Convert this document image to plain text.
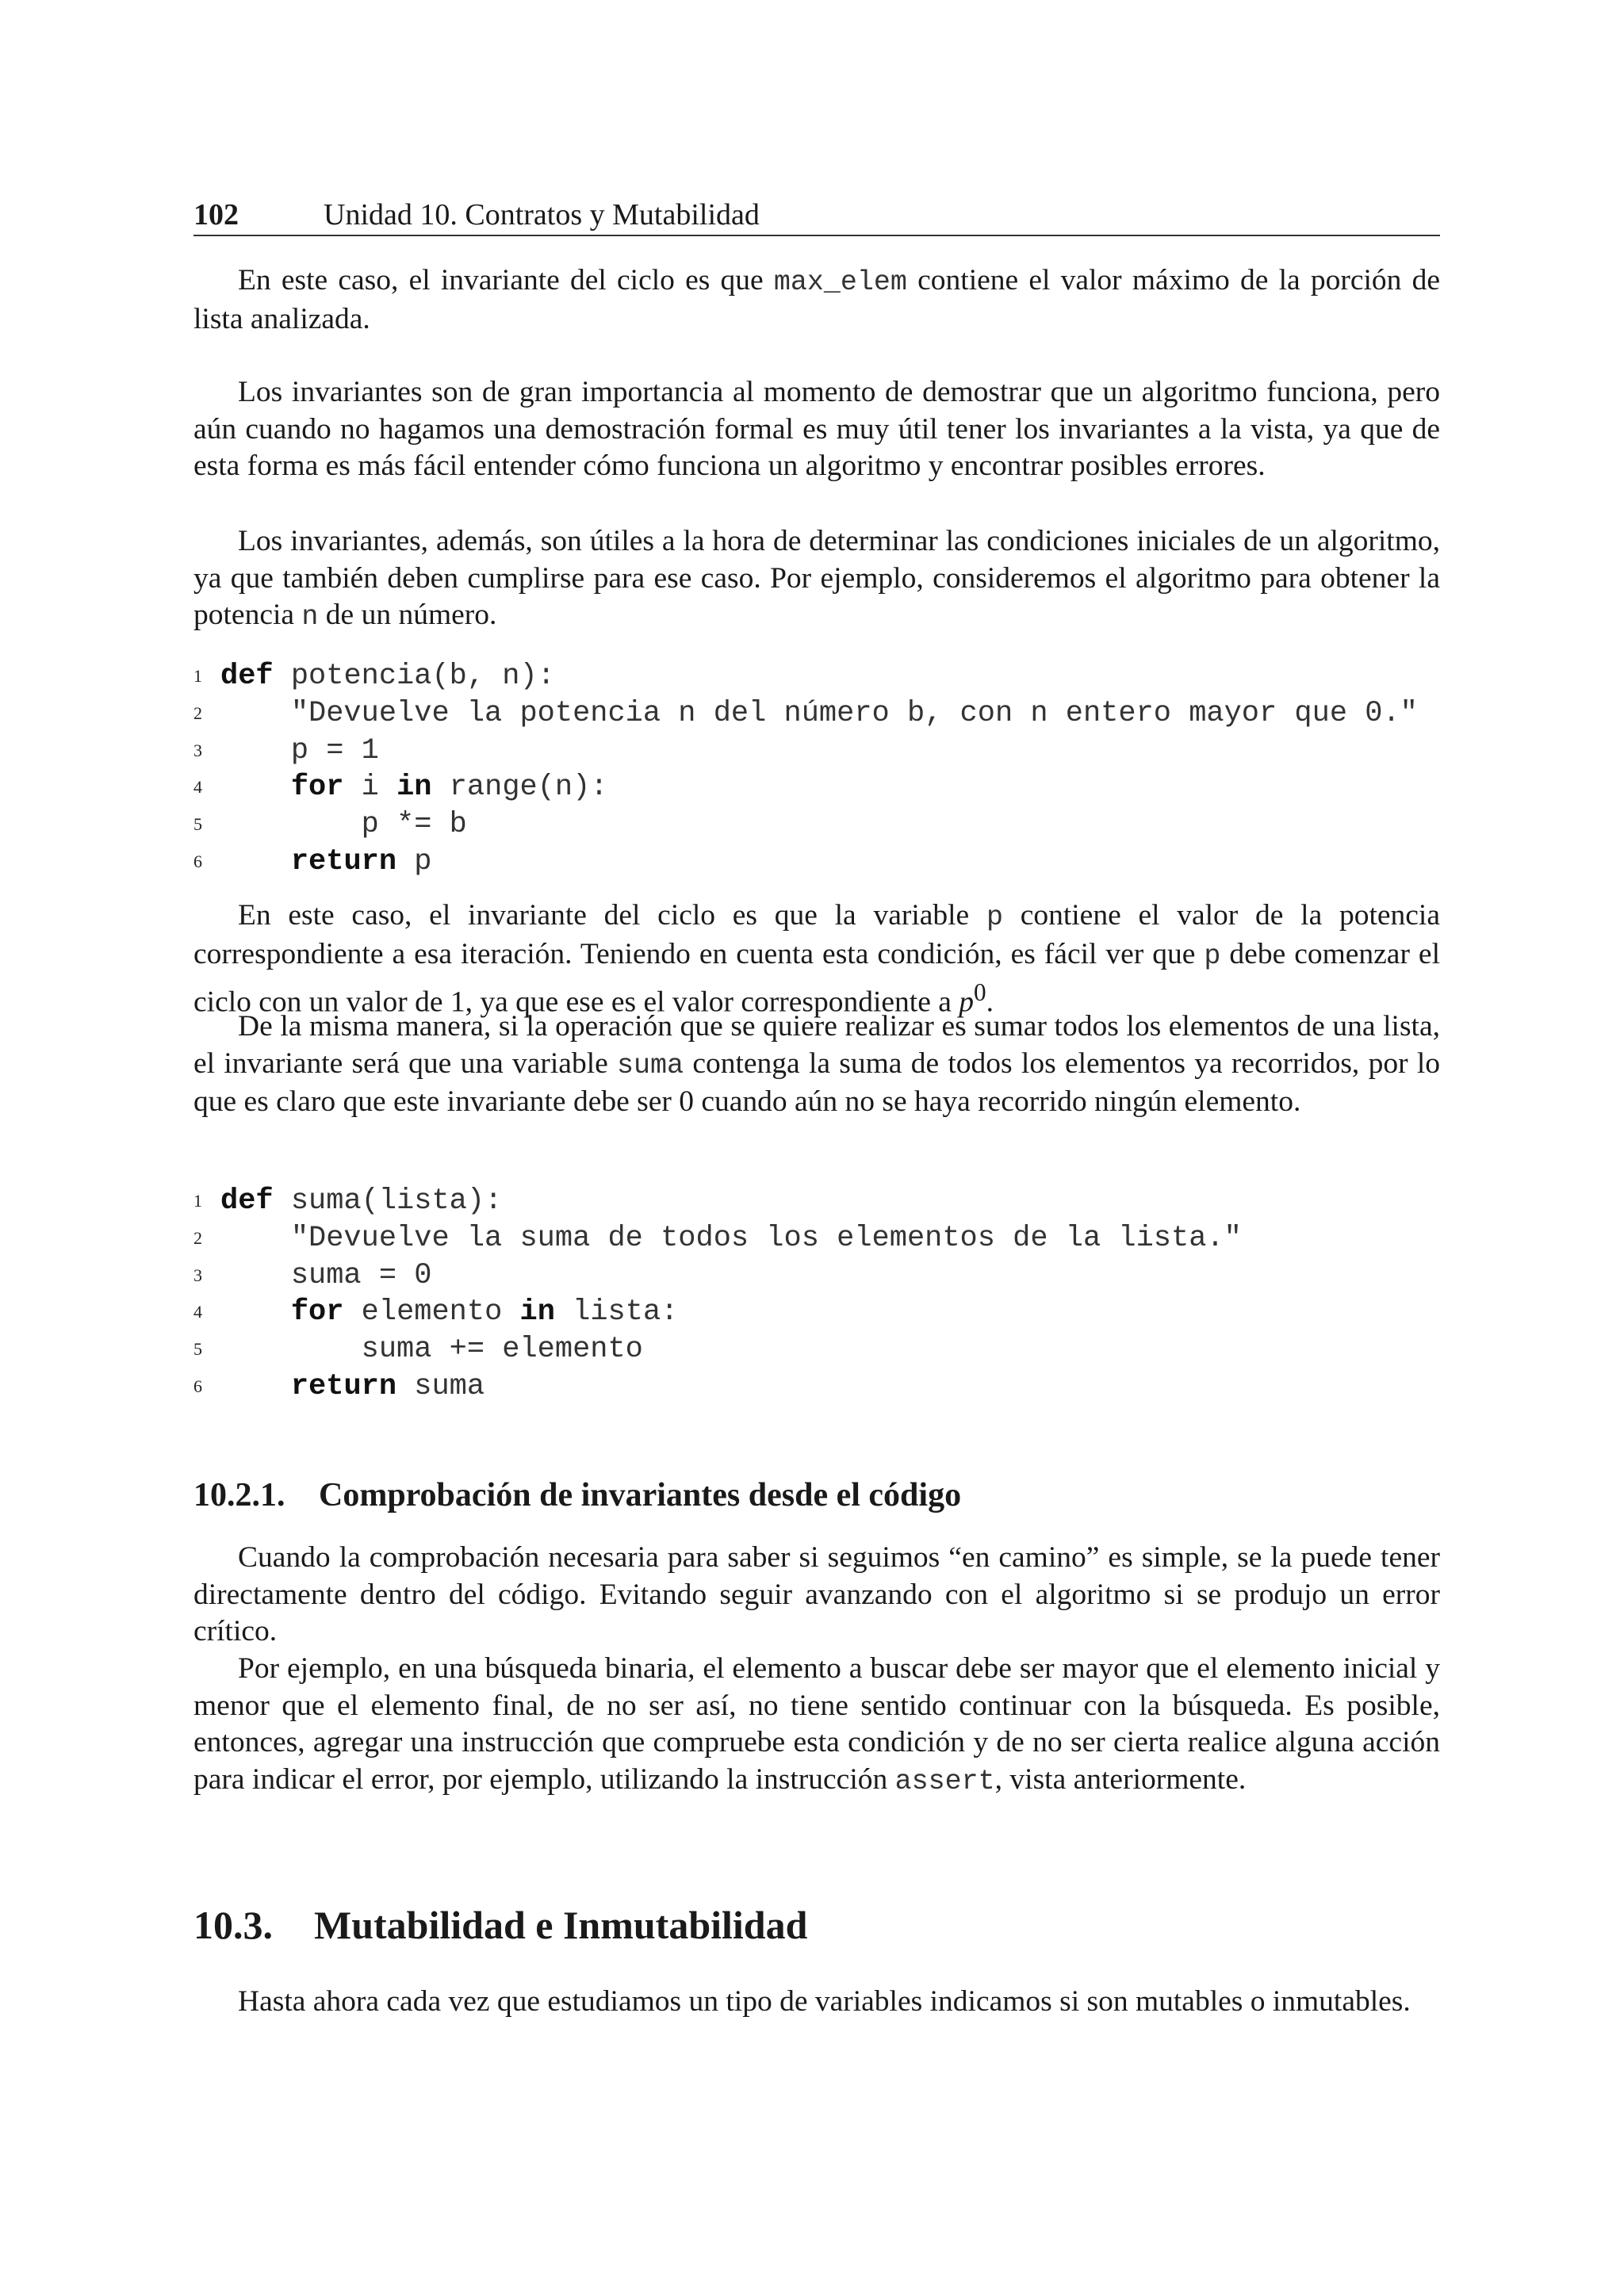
102	Unidad 10. Contratos y Mutabilidad

En este caso, el invariante del ciclo es que max_elem contiene el valor máximo de la porción de lista analizada.

Los invariantes son de gran importancia al momento de demostrar que un algoritmo funciona, pero aún cuando no hagamos una demostración formal es muy útil tener los invariantes a la vista, ya que de esta forma es más fácil entender cómo funciona un algoritmo y encontrar posibles errores.

Los invariantes, además, son útiles a la hora de determinar las condiciones iniciales de un algoritmo, ya que también deben cumplirse para ese caso. Por ejemplo, consideremos el algoritmo para obtener la potencia n de un número.

1 def potencia(b, n):
2 "Devuelve la potencia n del número b, con n entero mayor que 0."
3 p = 1
4	for i in range(n):
5 p *= b
6	return p

En este caso, el invariante del ciclo es que la variable p contiene el valor de la potencia correspondiente a esa iteración. Teniendo en cuenta esta condición, es fácil ver que p debe comenzar el ciclo con un valor de 1, ya que ese es el valor correspondiente a $p^0$.

De la misma manera, si la operación que se quiere realizar es sumar todos los elementos de una lista, el invariante será que una variable suma contenga la suma de todos los elementos ya recorridos, por lo que es claro que este invariante debe ser 0 cuando aún no se haya recorrido ningún elemento.

1 def suma(lista):
2 "Devuelve la suma de todos los elementos de la lista."
3 suma = 0
4	for elemento in lista:
5 suma += elemento
6	return suma
10.2.1. Comprobación de invariantes desde el código

Cuando la comprobación necesaria para saber si seguimos “en camino” es simple, se la puede tener directamente dentro del código. Evitando seguir avanzando con el algoritmo si se produjo un error crítico.

Por ejemplo, en una búsqueda binaria, el elemento a buscar debe ser mayor que el elemento inicial y menor que el elemento final, de no ser así, no tiene sentido continuar con la búsqueda. Es posible, entonces, agregar una instrucción que compruebe esta condición y de no ser cierta realice alguna acción para indicar el error, por ejemplo, utilizando la instrucción assert, vista anteriormente.

10.3. Mutabilidad e Inmutabilidad

Hasta ahora cada vez que estudiamos un tipo de variables indicamos si son mutables o inmutables.
